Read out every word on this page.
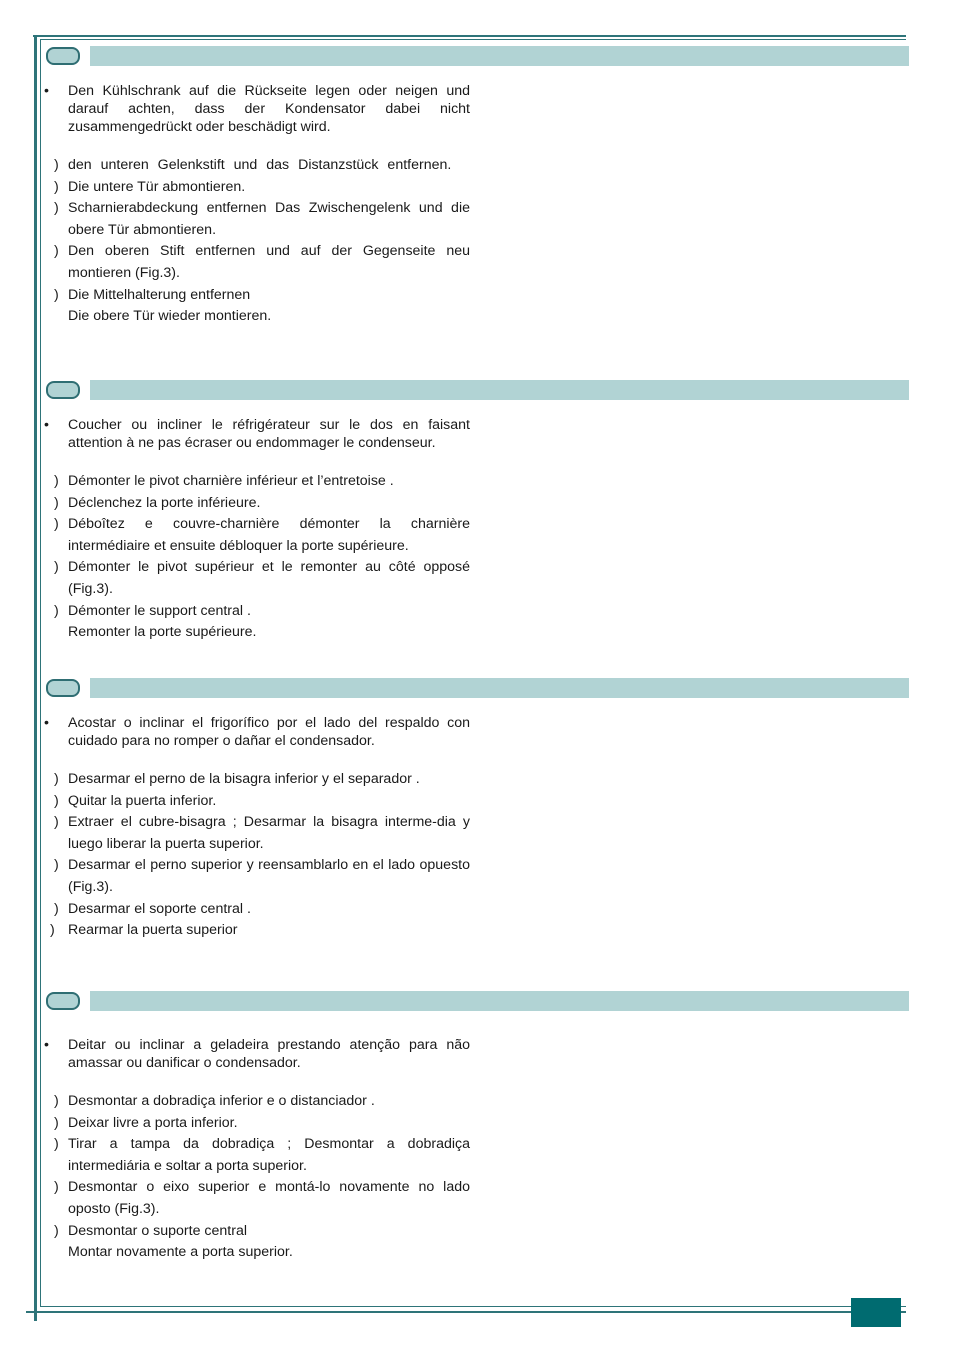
• Den Kühlschrank auf die Rückseite legen oder neigen und darauf achten, dass der Kondensator dabei nicht zusammengedrückt oder beschädigt wird.
) den unteren Gelenkstift und das Distanzstück entfernen.
) Die untere Tür abmontieren.
) Scharnierabdeckung entfernen Das Zwischengelenk und die obere Tür abmontieren.
) Den oberen Stift entfernen und auf der Gegenseite neu montieren (Fig.3).
) Die Mittelhalterung entfernen
Die obere Tür wieder montieren.
• Coucher ou incliner le réfrigérateur sur le dos en faisant attention à ne pas écraser ou endommager le condenseur.
) Démonter le pivot charnière inférieur et l’entretoise .
) Déclenchez la porte inférieure.
) Déboîtez e couvre-charnière démonter la charnière intermédiaire et ensuite débloquer la porte supérieure.
) Démonter le pivot supérieur et le remonter au côté opposé (Fig.3).
) Démonter le support central .
Remonter la porte supérieure.
• Acostar o inclinar el frigorífico por el lado del respaldo con cuidado para no romper o dañar el condensador.
) Desarmar el perno de la bisagra inferior y el separador .
) Quitar la puerta inferior.
) Extraer el cubre-bisagra ; Desarmar la bisagra interme-dia y luego liberar la puerta superior.
) Desarmar el perno superior y reensamblarlo en el lado opuesto (Fig.3).
) Desarmar el soporte central .
) Rearmar la puerta superior
• Deitar ou inclinar a geladeira prestando atenção para não amassar ou danificar o condensador.
) Desmontar a dobradiça inferior e o distanciador .
) Deixar livre a porta inferior.
) Tirar a tampa da dobradiça ; Desmontar a dobradiça intermediária e soltar a porta superior.
) Desmontar o eixo superior e montá-lo novamente no lado oposto (Fig.3).
) Desmontar o suporte central
Montar novamente a porta superior.
